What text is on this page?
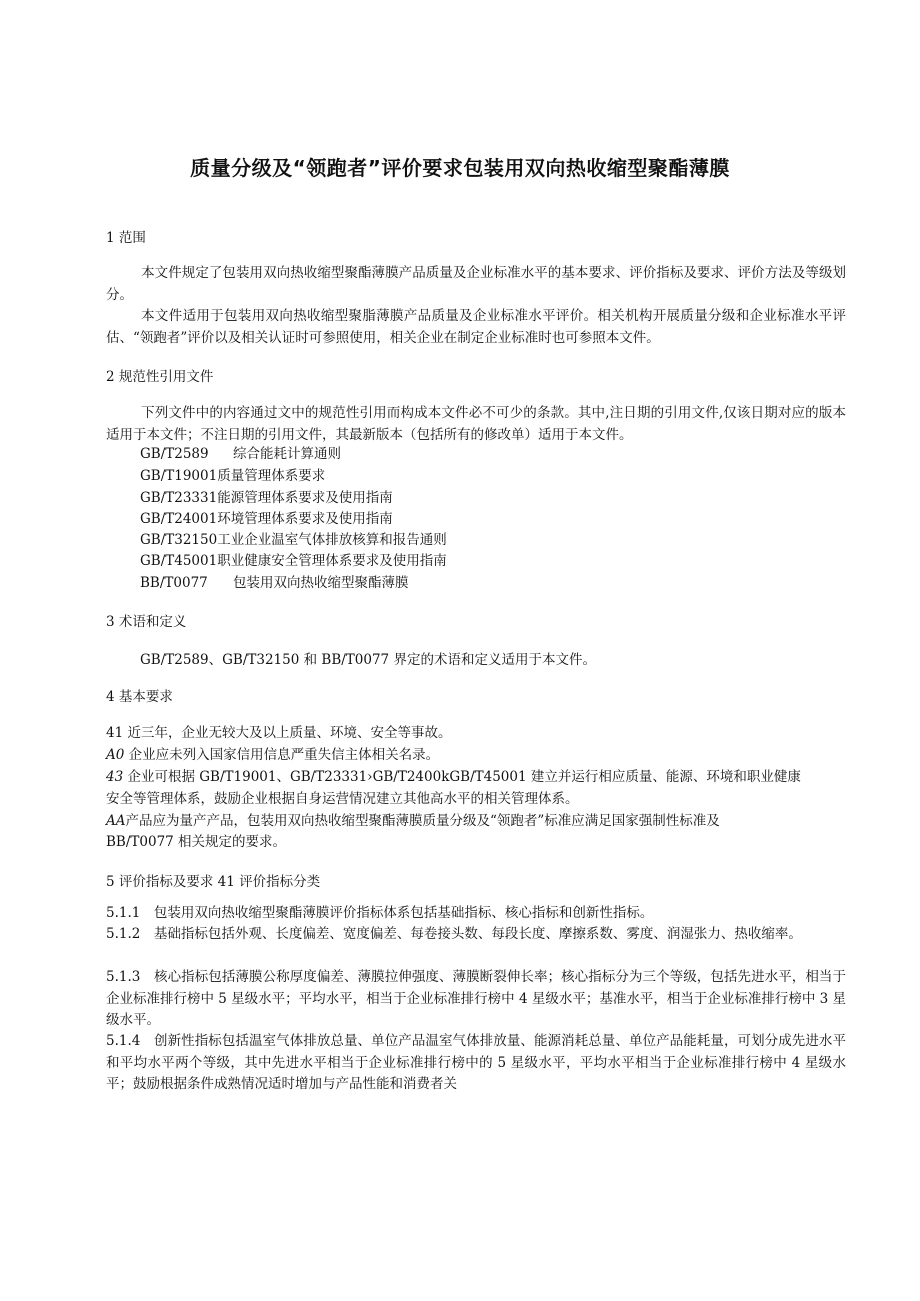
质量分级及“领跑者”评价要求包装用双向热收缩型聚酯薄膜
1 范围
本文件规定了包装用双向热收缩型聚酯薄膜产品质量及企业标准水平的基本要求、评价指标及要求、评价方法及等级划分。
本文件适用于包装用双向热收缩型聚脂薄膜产品质量及企业标准水平评价。相关机构开展质量分级和企业标准水平评估、“领跑者”评价以及相关认证时可参照使用，相关企业在制定企业标准时也可参照本文件。
2 规范性引用文件
下列文件中的内容通过文中的规范性引用而构成本文件必不可少的条款。其中,注日期的引用文件,仅该日期对应的版本适用于本文件；不注日期的引用文件，其最新版本（包括所有的修改单）适用于本文件。
GB/T2589 综合能耗计算通则
GB/T19001质量管理体系要求
GB/T23331能源管理体系要求及使用指南
GB/T24001环境管理体系要求及使用指南
GB/T32150工业企业温室气体排放核算和报告通则
GB/T45001职业健康安全管理体系要求及使用指南
BB/T0077 包装用双向热收缩型聚酯薄膜
3 术语和定义
GB/T2589、GB/T32150 和 BB/T0077 界定的术语和定义适用于本文件。
4 基本要求
41 近三年，企业无较大及以上质量、环境、安全等事故。
A0 企业应未列入国家信用信息严重失信主体相关名录。
43 企业可根据 GB/T19001、GB/T23331›GB/T2400kGB/T45001 建立并运行相应质量、能源、环境和职业健康
安全等管理体系，鼓励企业根据自身运营情况建立其他高水平的相关管理体系。
AA产品应为量产产品，包装用双向热收缩型聚酯薄膜质量分级及“领跑者”标准应满足国家强制性标准及
BB/T0077 相关规定的要求。
5 评价指标及要求 41 评价指标分类
5.1.1　 包装用双向热收缩型聚酯薄膜评价指标体系包括基础指标、核心指标和创新性指标。
5.1.2　 基础指标包括外观、长度偏差、宽度偏差、每卷接头数、每段长度、摩擦系数、雾度、润湿张力、热收缩率。
5.1.3　 核心指标包括薄膜公称厚度偏差、薄膜拉伸强度、薄膜断裂伸长率；核心指标分为三个等级，包括先进水平，相当于企业标准排行榜中 5 星级水平；平均水平，相当于企业标准排行榜中 4 星级水平；基准水平，相当于企业标准排行榜中 3 星级水平。
5.1.4　 创新性指标包括温室气体排放总量、单位产品温室气体排放量、能源消耗总量、单位产品能耗量，可划分成先进水平和平均水平两个等级，其中先进水平相当于企业标准排行榜中的 5 星级水平，平均水平相当于企业标准排行榜中 4 星级水平；鼓励根据条件成熟情况适时增加与产品性能和消费者关
